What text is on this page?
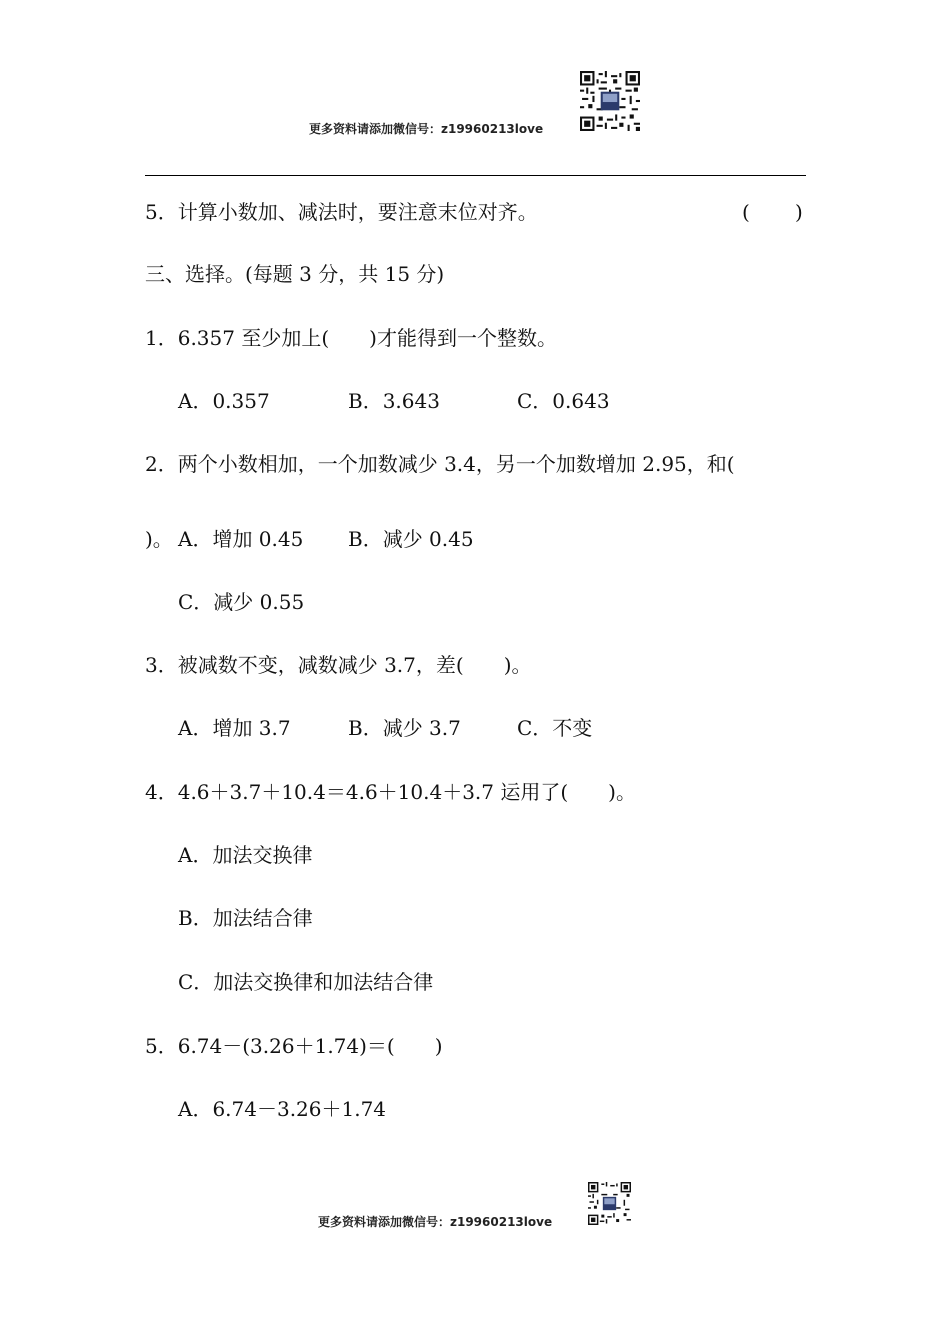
更多资料请添加微信号：z19960213love
5．计算小数加、减法时，要注意末位对齐。	( )
三、选择。(每题 3 分，共 15 分)
1．6.357 至少加上(　　)才能得到一个整数。
A．0.357	B．3.643	C．0.643
2．两个小数相加，一个加数减少 3.4，另一个加数增加 2.95，和(
)。 A．增加 0.45 B．减少 0.45
C．减少 0.55
3．被减数不变，减数减少 3.7，差(　　)。
A．增加 3.7	B．减少 3.7	C．不变
4．4.6＋3.7＋10.4＝4.6＋10.4＋3.7 运用了(　　)。
A．加法交换律
B．加法结合律
C．加法交换律和加法结合律
5．6.74－(3.26＋1.74)＝(　　)
A．6.74－3.26＋1.74
更多资料请添加微信号：z19960213love
